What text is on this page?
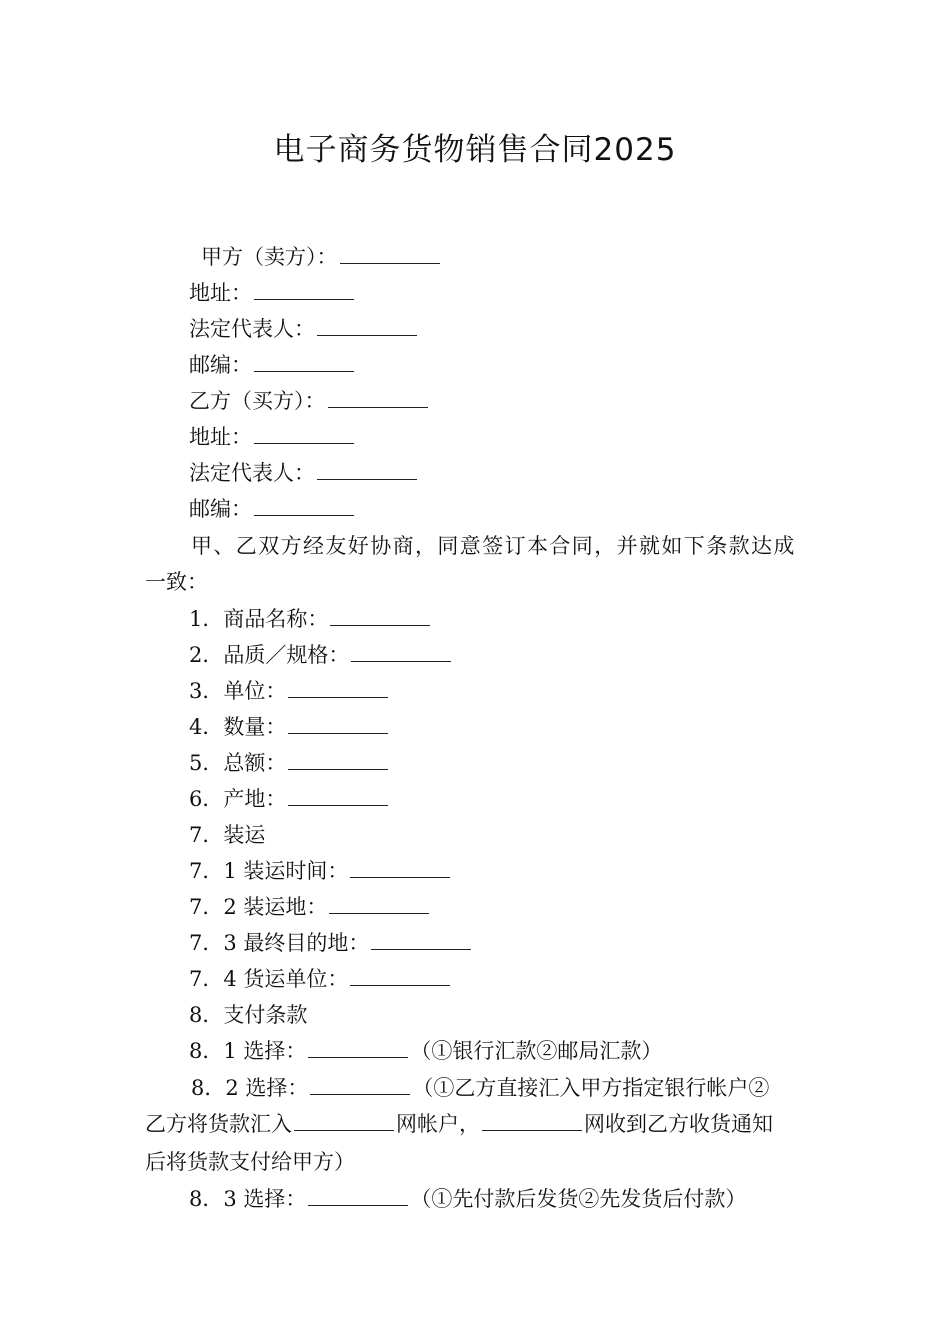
电子商务货物销售合同2025
甲方（卖方）：
地址：
法定代表人：
邮编：
乙方（买方）：
地址：
法定代表人：
邮编：
甲、乙双方经友好协商，同意签订本合同，并就如下条款达成
一致：
1．商品名称：
2．品质／规格：
3．单位：
4．数量：
5．总额：
6．产地：
7．装运
7．1 装运时间：
7．2 装运地：
7．3 最终目的地：
7．4 货运单位：
8．支付条款
8．1 选择：	（①银行汇款②邮局汇款）
8．2 选择：	（①乙方直接汇入甲方指定银行帐户②
乙方将货款汇入	网帐户，	网收到乙方收货通知
后将货款支付给甲方）
8．3 选择：	（①先付款后发货②先发货后付款）
